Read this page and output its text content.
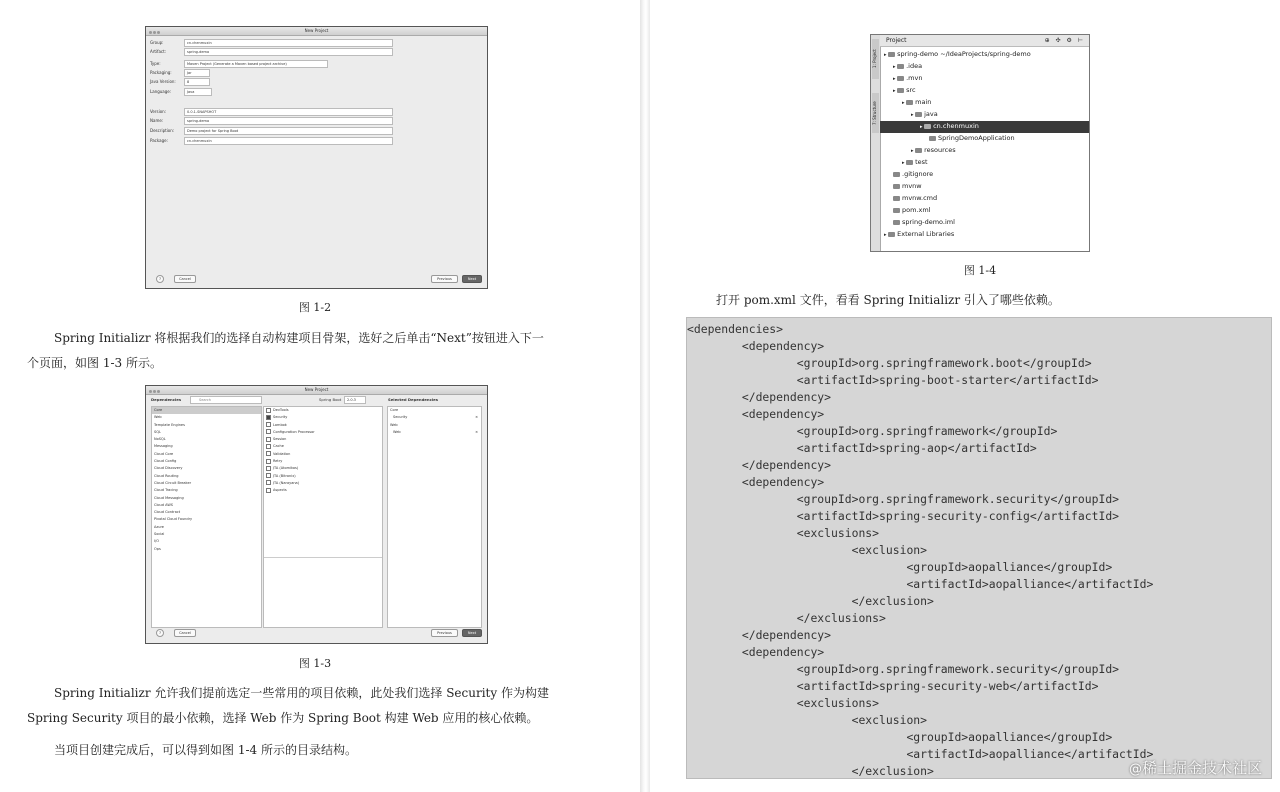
New Project
Group:	cn.chenmuxin
Artifact:	spring-demo
Type:	Maven Project (Generate a Maven based project archive)
Packaging:	Jar
Java Version:	8
Language:	Java
Version:	0.0.1-SNAPSHOT
Name:	spring-demo
Description:	Demo project for Spring Boot
Package:	cn.chenmuxin
?	Cancel	Previous	Next
图 1-2

Spring Initializr 将根据我们的选择自动构建项目骨架，选好之后单击“Next”按钮进入下一

个页面，如图 1-3 所示。

New Project
Dependencies	Search	Spring Boot	2.0.3	Selected Dependencies
Core
Web
Template Engines
SQL
NoSQL
Messaging
Cloud Core
Cloud Config
Cloud Discovery
Cloud Routing
Cloud Circuit Breaker
Cloud Tracing
Cloud Messaging
Cloud AWS
Cloud Contract
Pivotal Cloud Foundry
Azure
Social
I/O
Ops
DevTools
Security
Lombok
Configuration Processor
Session
Cache
Validation
Retry
JTA (Atomikos)
JTA (Bitronix)
JTA (Narayana)
Aspects
Core
Security	×
Web
Web	×
?	Cancel	Previous	Next
图 1-3

Spring Initializr 允许我们提前选定一些常用的项目依赖，此处我们选择 Security 作为构建

Spring Security 项目的最小依赖，选择 Web 作为 Spring Boot 构建 Web 应用的核心依赖。

当项目创建完成后，可以得到如图 1-4 所示的目录结构。

1: Project
7: Structure
Project	⊕ ✣ ⚙ ⊢
▸ spring-demo ~/IdeaProjects/spring-demo
▸ .idea
▸ .mvn
▸ src
▸ main
▸ java
▸ cn.chenmuxin
SpringDemoApplication
▸ resources
▸ test
.gitignore
mvnw
mvnw.cmd
pom.xml
spring-demo.iml
▸ External Libraries
图 1-4

打开 pom.xml 文件，看看 Spring Initializr 引入了哪些依赖。

<dependencies>
<dependency>
<groupId>org.springframework.boot</groupId>
<artifactId>spring-boot-starter</artifactId>
</dependency>
<dependency>
<groupId>org.springframework</groupId>
<artifactId>spring-aop</artifactId>
</dependency>
<dependency>
<groupId>org.springframework.security</groupId>
<artifactId>spring-security-config</artifactId>
<exclusions>
<exclusion>
<groupId>aopalliance</groupId>
<artifactId>aopalliance</artifactId>
</exclusion>
</exclusions>
</dependency>
<dependency>
<groupId>org.springframework.security</groupId>
<artifactId>spring-security-web</artifactId>
<exclusions>
<exclusion>
<groupId>aopalliance</groupId>
<artifactId>aopalliance</artifactId>
</exclusion>	@稀土掘金技术社区
